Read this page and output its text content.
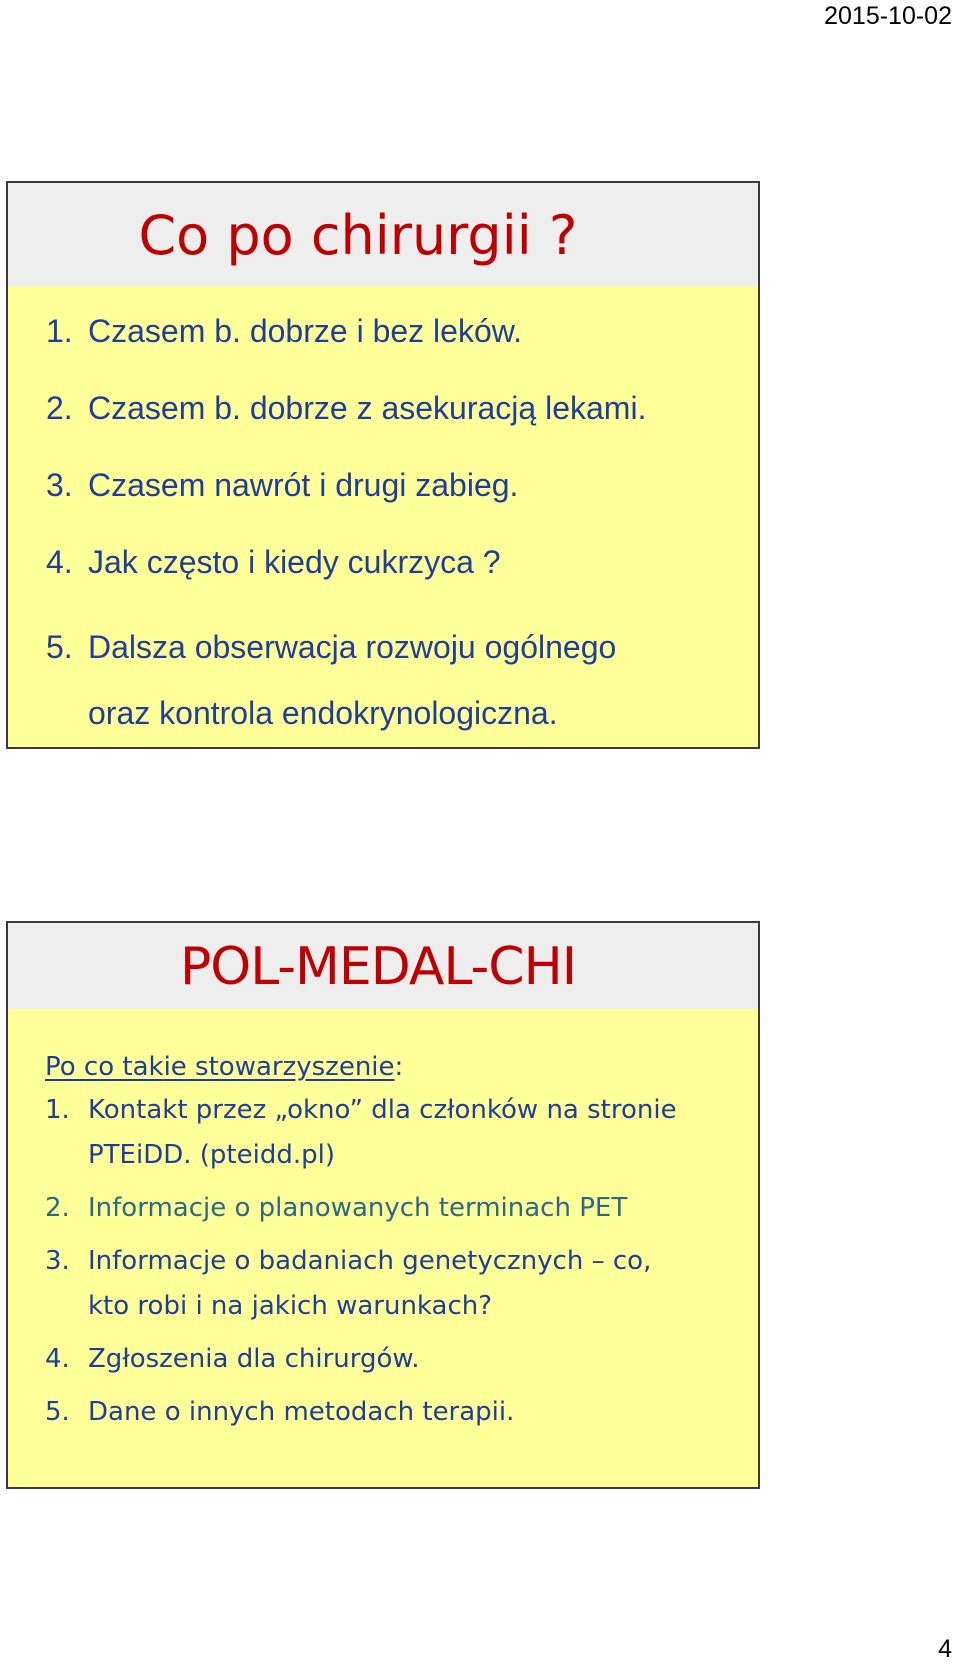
2015-10-02
Co po chirurgii ?
1. Czasem b. dobrze i bez leków.
2. Czasem b. dobrze z asekuracją lekami.
3. Czasem nawrót i drugi zabieg.
4. Jak często i kiedy cukrzyca ?
5. Dalsza obserwacja rozwoju ogólnego
oraz kontrola endokrynologiczna.
POL-MEDAL-CHI
Po co takie stowarzyszenie:
1. Kontakt przez „okno” dla członków na stronie
PTEiDD. (pteidd.pl)
2. Informacje o planowanych terminach PET
3. Informacje o badaniach genetycznych – co,
kto robi i na jakich warunkach?
4. Zgłoszenia dla chirurgów.
5. Dane o innych metodach terapii.
4
